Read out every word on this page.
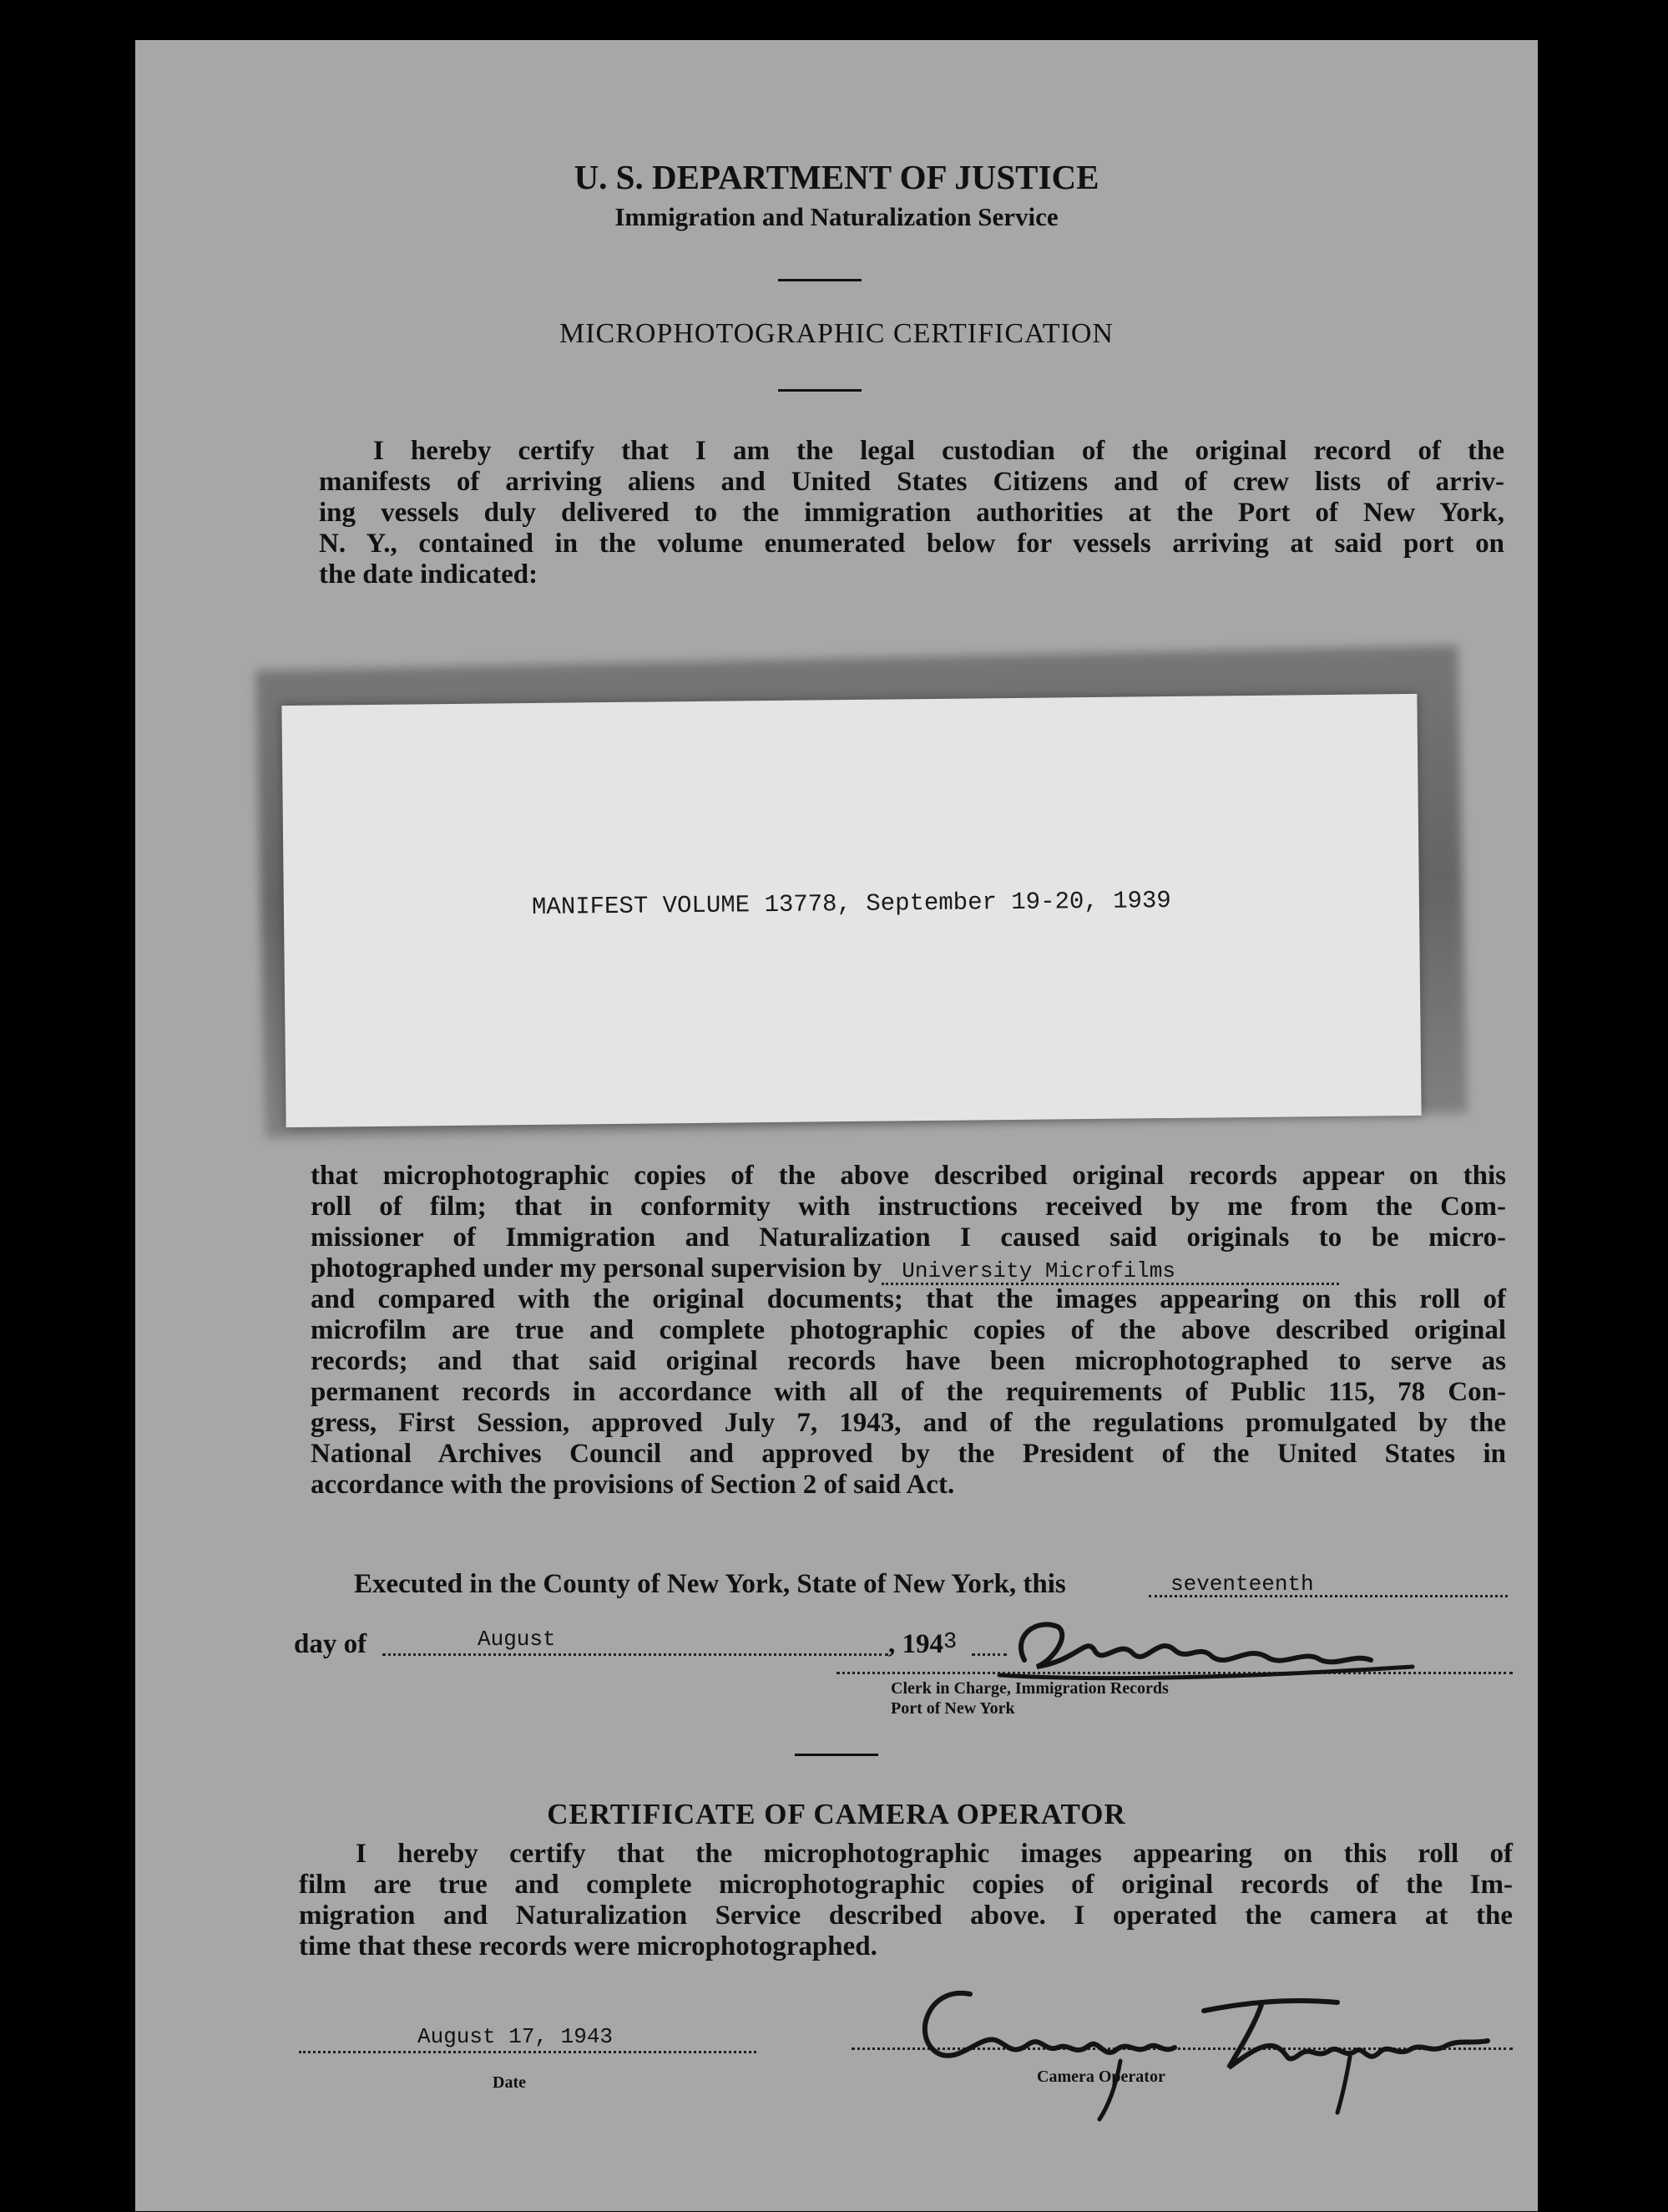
U. S. DEPARTMENT OF JUSTICE
Immigration and Naturalization Service
MICROPHOTOGRAPHIC CERTIFICATION
I hereby certify that I am the legal custodian of the original record of the
manifests of arriving aliens and United States Citizens and of crew lists of arriv-
ing vessels duly delivered to the immigration authorities at the Port of New York,
N. Y., contained in the volume enumerated below for vessels arriving at said port on
the date indicated:
MANIFEST VOLUME 13778, September 19-20, 1939
that microphotographic copies of the above described original records appear on this
roll of film; that in conformity with instructions received by me from the Com-
missioner of Immigration and Naturalization I caused said originals to be micro-
photographed under my personal supervision by University Microfilms
and compared with the original documents; that the images appearing on this roll of
microfilm are true and complete photographic copies of the above described original
records; and that said original records have been microphotographed to serve as
permanent records in accordance with all of the requirements of Public 115, 78 Con-
gress, First Session, approved July 7, 1943, and of the regulations promulgated by the
National Archives Council and approved by the President of the United States in
accordance with the provisions of Section 2 of said Act.
Executed in the County of New York, State of New York, this	seventeenth
day of	August	, 1943
Clerk in Charge, Immigration Records
Port of New York
CERTIFICATE OF CAMERA OPERATOR
I hereby certify that the microphotographic images appearing on this roll of
film are true and complete microphotographic copies of original records of the Im-
migration and Naturalization Service described above. I operated the camera at the
time that these records were microphotographed.
August 17, 1943
Date	Camera Operator
